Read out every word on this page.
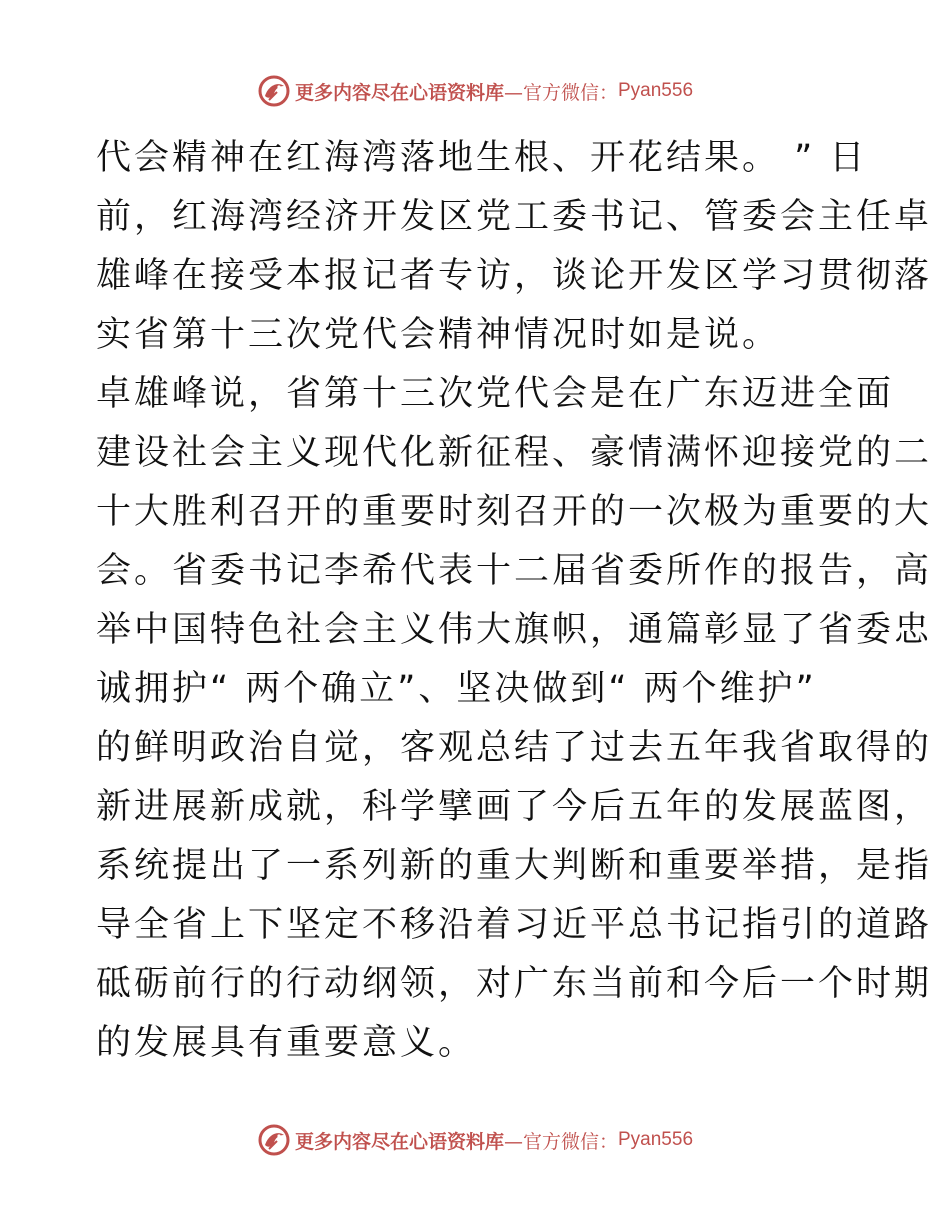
更多内容尽在心语资料库 —官方微信： Pyan556
代会精神在红海湾落地生根、开花结果。 ” 日
前，红海湾经济开发区党工委书记、管委会主任卓
雄峰在接受本报记者专访，谈论开发区学习贯彻落
实省第十三次党代会精神情况时如是说。
卓雄峰说，省第十三次党代会是在广东迈进全面
建设社会主义现代化新征程、豪情满怀迎接党的二
十大胜利召开的重要时刻召开的一次极为重要的大
会。省委书记李希代表十二届省委所作的报告，高
举中国特色社会主义伟大旗帜，通篇彰显了省委忠
诚拥护“ 两个确立”、坚决做到“ 两个维护”
的鲜明政治自觉，客观总结了过去五年我省取得的
新进展新成就，科学擘画了今后五年的发展蓝图，
系统提出了一系列新的重大判断和重要举措，是指
导全省上下坚定不移沿着习近平总书记指引的道路
砥砺前行的行动纲领，对广东当前和今后一个时期
的发展具有重要意义。
更多内容尽在心语资料库 —官方微信： Pyan556
